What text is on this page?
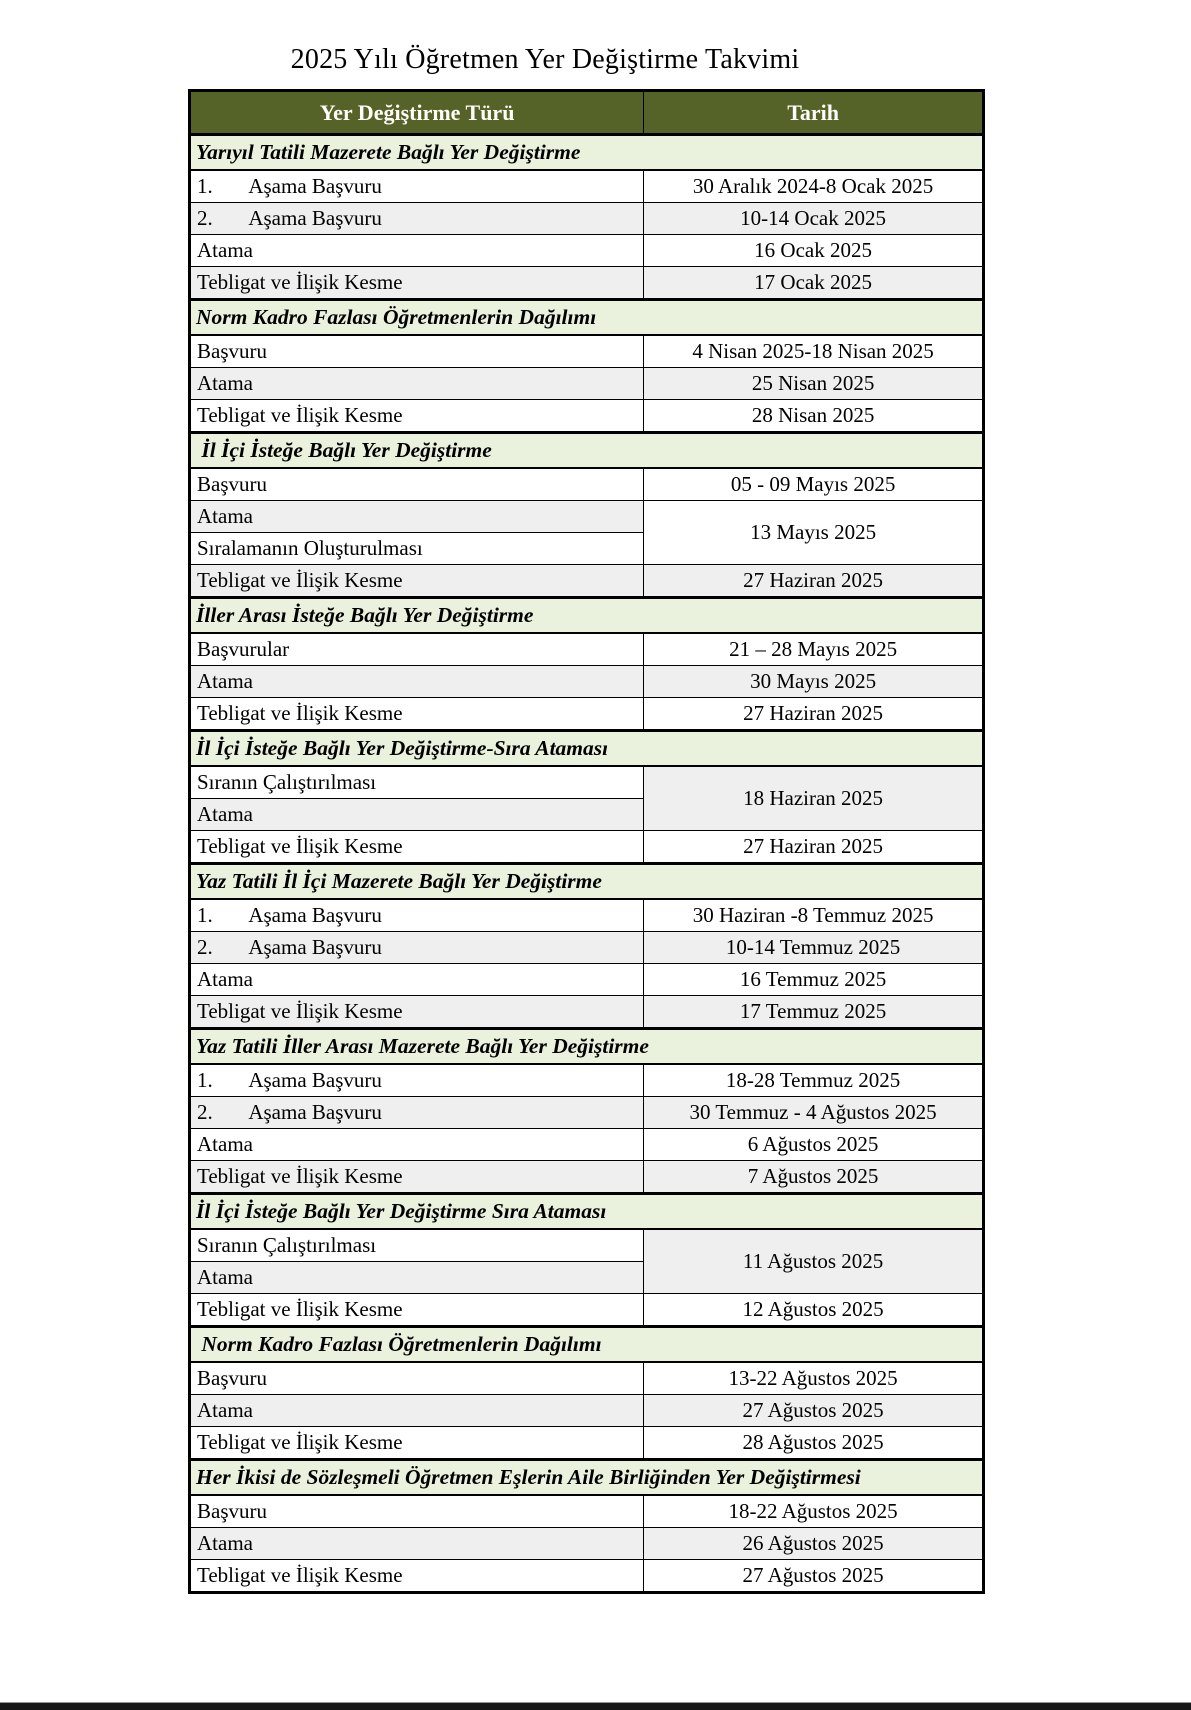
2025 Yılı Öğretmen Yer Değiştirme Takvimi
Yer Değiştirme Türü	Tarih
Yarıyıl Tatili Mazerete Bağlı Yer Değiştirme	
1.       Aşama Başvuru	30 Aralık 2024-8 Ocak 2025
2.       Aşama Başvuru	10-14 Ocak 2025
Atama	16 Ocak 2025
Tebligat ve İlişik Kesme	17 Ocak 2025
Norm Kadro Fazlası Öğretmenlerin Dağılımı	
Başvuru	4 Nisan 2025-18 Nisan 2025
Atama	25 Nisan 2025
Tebligat ve İlişik Kesme	28 Nisan 2025
İl İçi İsteğe Bağlı Yer Değiştirme	
Başvuru	05 - 09 Mayıs 2025
Atama	13 Mayıs 2025
Sıralamanın Oluşturulması	
Tebligat ve İlişik Kesme	27 Haziran 2025
İller Arası İsteğe Bağlı Yer Değiştirme	
Başvurular	21 – 28 Mayıs 2025
Atama	30 Mayıs 2025
Tebligat ve İlişik Kesme	27 Haziran 2025
İl İçi İsteğe Bağlı Yer Değiştirme-Sıra Ataması	
Sıranın Çalıştırılması	18 Haziran 2025
Atama	
Tebligat ve İlişik Kesme	27 Haziran 2025
Yaz Tatili İl İçi Mazerete Bağlı Yer Değiştirme	
1.       Aşama Başvuru	30 Haziran -8 Temmuz 2025
2.       Aşama Başvuru	10-14 Temmuz 2025
Atama	16 Temmuz 2025
Tebligat ve İlişik Kesme	17 Temmuz 2025
Yaz Tatili İller Arası Mazerete Bağlı Yer Değiştirme	
1.       Aşama Başvuru	18-28 Temmuz 2025
2.       Aşama Başvuru	30 Temmuz - 4 Ağustos 2025
Atama	6 Ağustos 2025
Tebligat ve İlişik Kesme	7 Ağustos 2025
İl İçi İsteğe Bağlı Yer Değiştirme Sıra Ataması	
Sıranın Çalıştırılması	11 Ağustos 2025
Atama	
Tebligat ve İlişik Kesme	12 Ağustos 2025
Norm Kadro Fazlası Öğretmenlerin Dağılımı	
Başvuru	13-22 Ağustos 2025
Atama	27 Ağustos 2025
Tebligat ve İlişik Kesme	28 Ağustos 2025
Her İkisi de Sözleşmeli Öğretmen Eşlerin Aile Birliğinden Yer Değiştirmesi	
Başvuru	18-22 Ağustos 2025
Atama	26 Ağustos 2025
Tebligat ve İlişik Kesme	27 Ağustos 2025
